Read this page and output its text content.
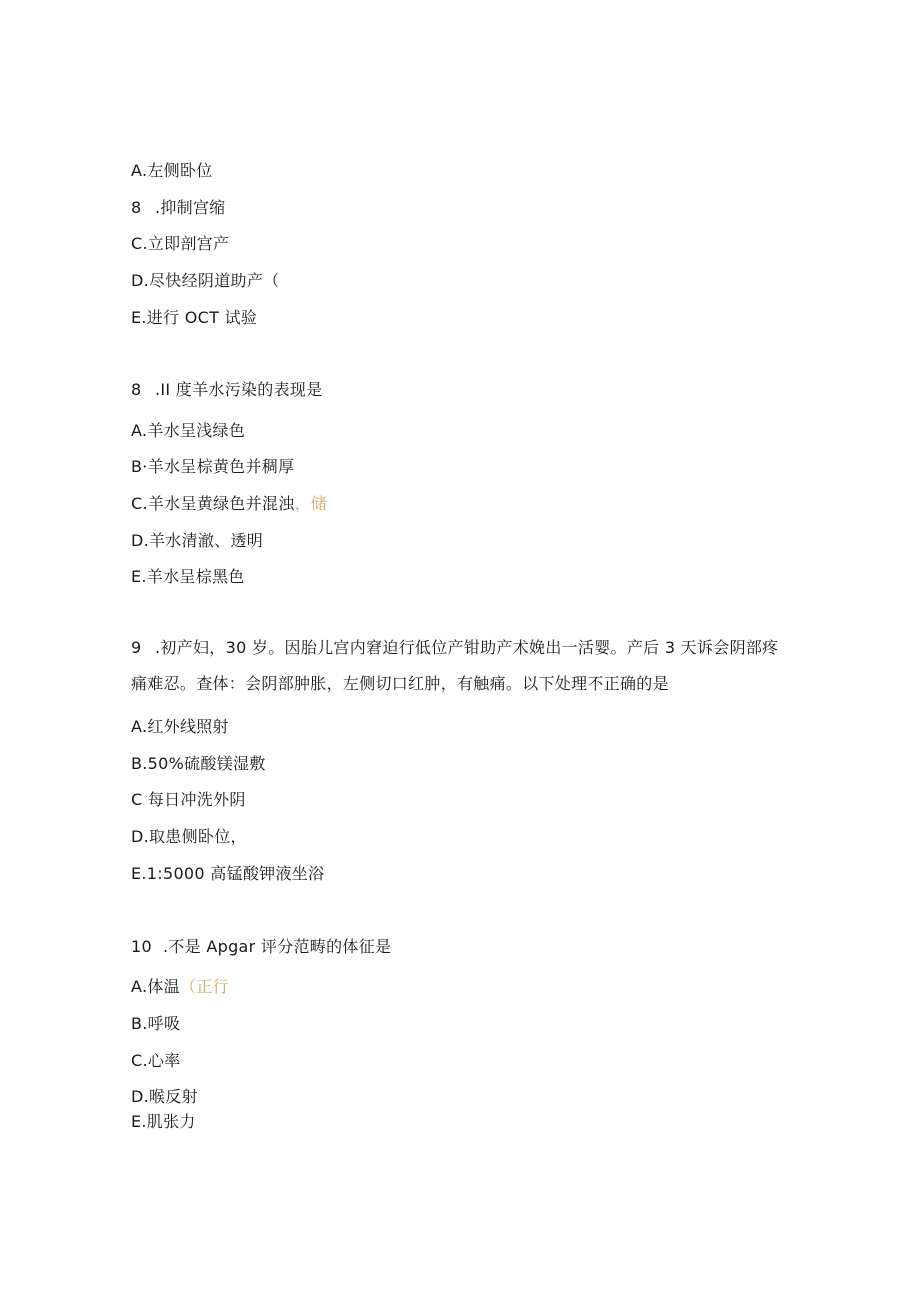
A.左侧卧位
8 .抑制宫缩
C.立即剖宫产
D.尽快经阴道助产（
E.进行 OCT 试验
8 .II 度羊水污染的表现是
A.羊水呈浅绿色
B·羊水呈棕黄色并稠厚
C.羊水呈黄绿色并混浊，储
D.羊水清澈、透明
E.羊水呈棕黑色
9 .初产妇，30 岁。因胎儿宫内窘迫行低位产钳助产术娩出一活婴。产后 3 天诉会阴部疼痛难忍。查体：会阴部肿胀，左侧切口红肿，有触痛。以下处理不正确的是
A.红外线照射
B.50%硫酸镁湿敷
C 每日冲洗外阴
D.取患侧卧位，
E.1:5000 高锰酸钾液坐浴
10 .不是 Apgar 评分范畴的体征是
A.体温（正行
B.呼吸
C.心率
D.喉反射
E.肌张力
